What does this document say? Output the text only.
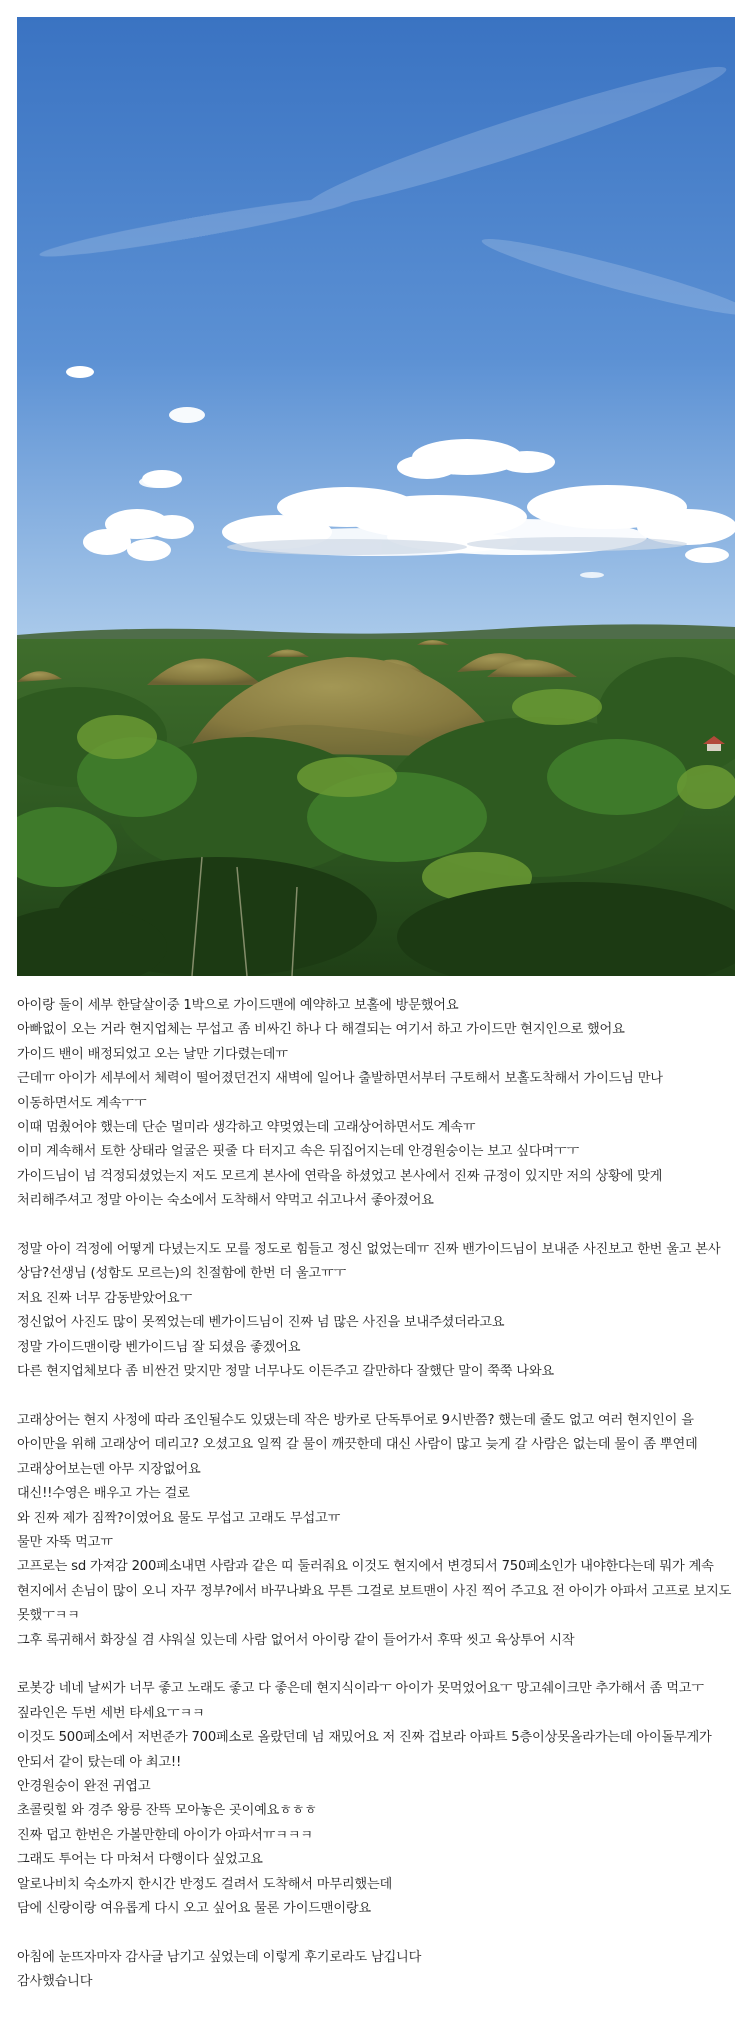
아이랑 둘이 세부 한달살이중 1박으로 가이드맨에 예약하고 보홀에 방문했어요
아빠없이 오는 거라 현지업체는 무섭고 좀 비싸긴 하나 다 해결되는 여기서 하고 가이드만 현지인으로 했어요
가이드 밴이 배정되었고 오는 날만 기다렸는데ㅠ
근데ㅠ 아이가 세부에서 체력이 떨어졌던건지 새벽에 일어나 출발하면서부터 구토해서 보홀도착해서 가이드님 만나 이동하면서도 계속ㅜㅜ
이때 멈췄어야 했는데 단순 멀미라 생각하고 약멎였는데 고래상어하면서도 계속ㅠ
이미 계속해서 토한 상태라 얼굴은 핏줄 다 터지고 속은 뒤집어지는데 안경원숭이는 보고 싶다며ㅜㅜ
가이드님이 넘 걱정되셨었는지 저도 모르게 본사에 연락을 하셨었고 본사에서 진짜 규정이 있지만 저의 상황에 맞게 처리해주셔고 정말 아이는 숙소에서 도착해서 약먹고 쉬고나서 좋아졌어요
정말 아이 걱정에 어떻게 다녔는지도 모를 정도로 힘들고 정신 없었는데ㅠ 진짜 밴가이드님이 보내준 사진보고 한번 울고 본사 상담?선생님 (성함도 모르는)의 친절함에 한번 더 울고ㅠㅜ
저요 진짜 너무 감동받았어요ㅜ
정신없어 사진도 많이 못찍었는데 벤가이드님이 진짜 넘 많은 사진을 보내주셨더라고요
정말 가이드맨이랑 벤가이드님 잘 되셨음 좋겠어요
다른 현지업체보다 좀 비싼건 맞지만 정말 너무나도 이든주고 갈만하다 잘했단 말이 쭉쭉 나와요
고래상어는 현지 사정에 따라 조인될수도 있댔는데 작은 방카로 단독투어로 9시반쯤? 했는데 줄도 없고 여러 현지인이 을 아이만을 위해 고래상어 데리고? 오셨고요 일찍 갈 물이 깨끗한데 대신 사람이 많고 늦게 갈 사람은 없는데 물이 좀 뿌연데 고래상어보는덴 아무 지장없어요
대신!!수영은 배우고 가는 걸로
와 진짜 제가 짐짝?이였어요 물도 무섭고 고래도 무섭고ㅠ
물만 자뚝 먹고ㅠ
고프로는 sd 가져감 200페소내면 사람과 같은 띠 둘러줘요 이것도 현지에서 변경되서 750페소인가 내야한다는데 뭐가 계속 현지에서 손님이 많이 오니 자꾸 정부?에서 바꾸나봐요 무튼 그걸로 보트맨이 사진 찍어 주고요 전 아이가 아파서 고프로 보지도 못했ㅜㅋㅋ
그후 록귀해서 화장실 겸 샤워실 있는데 사람 없어서 아이랑 같이 들어가서 후딱 씻고 육상투어 시작
로봇강 네네 날씨가 너무 좋고 노래도 좋고 다 좋은데 현지식이라ㅜ 아이가 못먹었어요ㅜ 망고쉐이크만 추가해서 좀 먹고ㅜ
짚라인은 두번 세번 타세요ㅜㅋㅋ
이것도 500페소에서 저번준가 700페소로 올랐던데 넘 재밌어요 저 진짜 겁보라 아파트 5층이상못올라가는데 아이돌무게가 안되서 같이 탔는데 아 최고!!
안경원숭이 완전 귀엽고
초콜릿힐 와 경주 왕릉 잔뜩 모아놓은 곳이예요ㅎㅎㅎ
진짜 덥고 한번은 가볼만한데 아이가 아파서ㅠㅋㅋㅋ
그래도 투어는 다 마쳐서 다행이다 싶었고요
알로나비치 숙소까지 한시간 반정도 걸려서 도착해서 마무리했는데
담에 신랑이랑 여유롭게 다시 오고 싶어요 물론 가이드맨이랑요
아침에 눈뜨자마자 감사글 남기고 싶었는데 이렇게 후기로라도 남깁니다
감사했습니다
